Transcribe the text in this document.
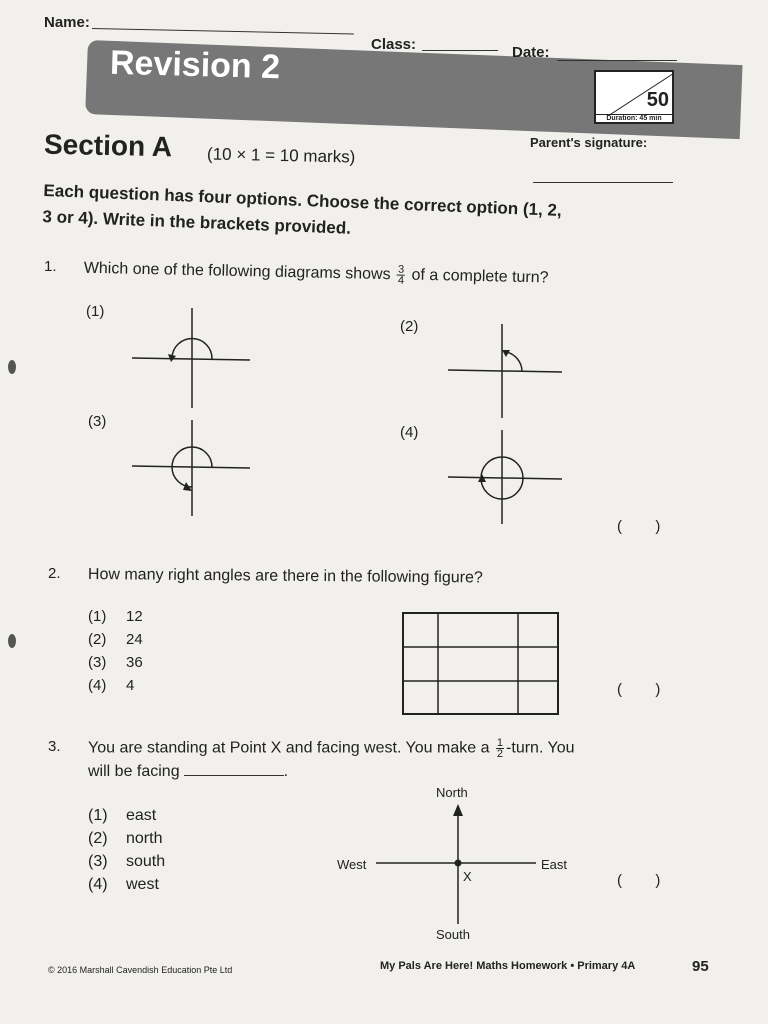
Name:
Class:	Date:
Revision 2
50
Duration: 45 min
Section A (10 × 1 = 10 marks)
Parent's signature:
Each question has four options. Choose the correct option (1, 2, 3 or 4). Write in the brackets provided.
1. Which one of the following diagrams shows $\frac{3}{4}$ of a complete turn?
(1)
(2)
(3)
(4)
(        )
2. How many right angles are there in the following figure?
(1) 12
(2) 24
(3) 36
(4) 4	(        )
3. You are standing at Point X and facing west. You make a $\frac{1}{2}$ -turn. You
will be facing	.
(1) east
(2) north
(3) south
(4) west
North
South
West	East
X	(        )
© 2016 Marshall Cavendish Education Pte Ltd	My Pals Are Here! Maths Homework • Primary 4A	95
